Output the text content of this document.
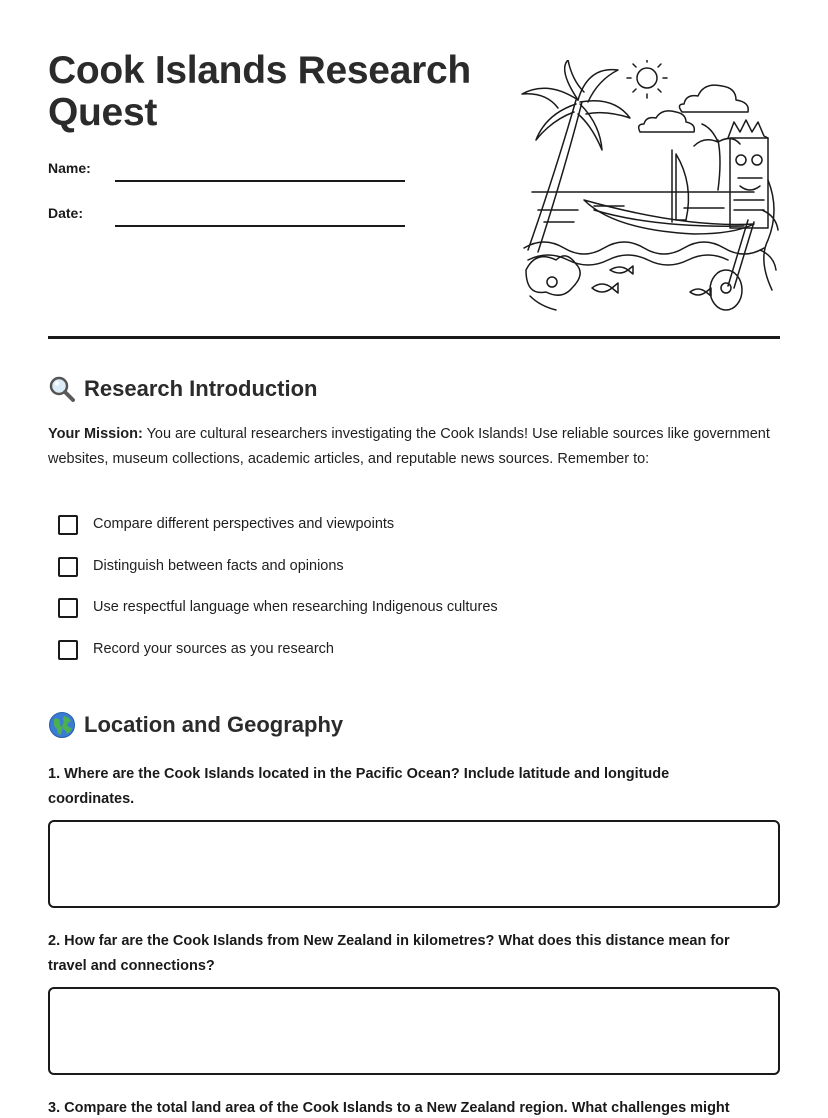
Cook Islands Research Quest
Name:
Date:
Research Introduction

Your Mission: You are cultural researchers investigating the Cook Islands! Use reliable sources like government websites, museum collections, academic articles, and reputable news sources. Remember to:

Compare different perspectives and viewpoints
Distinguish between facts and opinions
Use respectful language when researching Indigenous cultures
Record your sources as you research
Location and Geography

1. Where are the Cook Islands located in the Pacific Ocean? Include latitude and longitude coordinates.

2. How far are the Cook Islands from New Zealand in kilometres? What does this distance mean for travel and connections?

3. Compare the total land area of the Cook Islands to a New Zealand region. What challenges might
